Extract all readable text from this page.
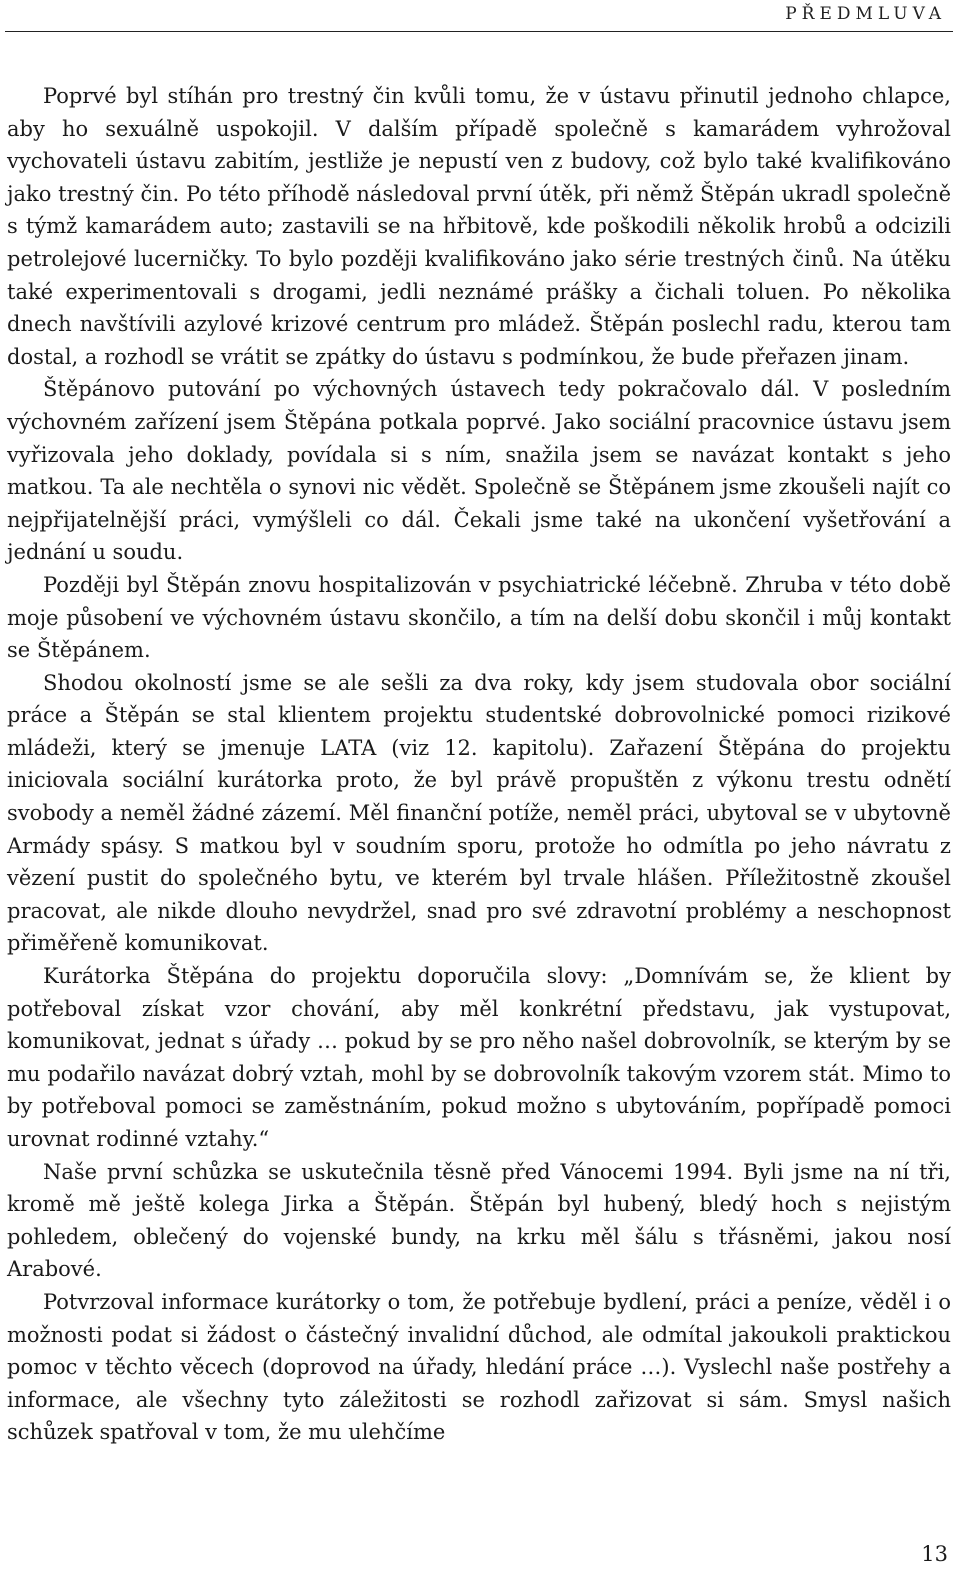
PŘEDMLUVA

Poprvé byl stíhán pro trestný čin kvůli tomu, že v ústavu přinutil jednoho chlapce, aby ho sexuálně uspokojil. V dalším případě společně s kamarádem vyhrožoval vychovateli ústavu zabitím, jestliže je nepustí ven z budovy, což bylo také kvalifikováno jako trestný čin. Po této příhodě následoval první útěk, při němž Štěpán ukradl společně s týmž kamarádem auto; zastavili se na hřbitově, kde poškodili několik hrobů a odcizili petrolejové lucerničky. To bylo později kvalifikováno jako série trestných činů. Na útěku také experimentovali s drogami, jedli neznámé prášky a čichali toluen. Po několika dnech navštívili azylové krizové centrum pro mládež. Štěpán poslechl radu, kterou tam dostal, a rozhodl se vrátit se zpátky do ústavu s podmínkou, že bude přeřazen jinam.

Štěpánovo putování po výchovných ústavech tedy pokračovalo dál. V posledním výchovném zařízení jsem Štěpána potkala poprvé. Jako sociální pracovnice ústavu jsem vyřizovala jeho doklady, povídala si s ním, snažila jsem se navázat kontakt s jeho matkou. Ta ale nechtěla o synovi nic vědět. Společně se Štěpánem jsme zkoušeli najít co nejpřijatelnější práci, vymýšleli co dál. Čekali jsme také na ukončení vyšetřování a jednání u soudu.

Později byl Štěpán znovu hospitalizován v psychiatrické léčebně. Zhruba v této době moje působení ve výchovném ústavu skončilo, a tím na delší dobu skončil i můj kontakt se Štěpánem.

Shodou okolností jsme se ale sešli za dva roky, kdy jsem studovala obor sociální práce a Štěpán se stal klientem projektu studentské dobrovolnické pomoci rizikové mládeži, který se jmenuje LATA (viz 12. kapitolu). Zařazení Štěpána do projektu iniciovala sociální kurátorka proto, že byl právě propuštěn z výkonu trestu odnětí svobody a neměl žádné zázemí. Měl finanční potíže, neměl práci, ubytoval se v ubytovně Armády spásy. S matkou byl v soudním sporu, protože ho odmítla po jeho návratu z vězení pustit do společného bytu, ve kterém byl trvale hlášen. Příležitostně zkoušel pracovat, ale nikde dlouho nevydržel, snad pro své zdravotní problémy a neschopnost přiměřeně komunikovat.

Kurátorka Štěpána do projektu doporučila slovy: „Domnívám se, že klient by potřeboval získat vzor chování, aby měl konkrétní představu, jak vystupovat, komunikovat, jednat s úřady … pokud by se pro něho našel dobrovolník, se kterým by se mu podařilo navázat dobrý vztah, mohl by se dobrovolník takovým vzorem stát. Mimo to by potřeboval pomoci se zaměstnáním, pokud možno s ubytováním, popřípadě pomoci urovnat rodinné vztahy.“

Naše první schůzka se uskutečnila těsně před Vánocemi 1994. Byli jsme na ní tři, kromě mě ještě kolega Jirka a Štěpán. Štěpán byl hubený, bledý hoch s nejistým pohledem, oblečený do vojenské bundy, na krku měl šálu s třásněmi, jakou nosí Arabové.

Potvrzoval informace kurátorky o tom, že potřebuje bydlení, práci a peníze, věděl i o možnosti podat si žádost o částečný invalidní důchod, ale odmítal jakoukoli praktickou pomoc v těchto věcech (doprovod na úřady, hledání práce …). Vyslechl naše postřehy a informace, ale všechny tyto záležitosti se rozhodl zařizovat si sám. Smysl našich schůzek spatřoval v tom, že mu ulehčíme

13
